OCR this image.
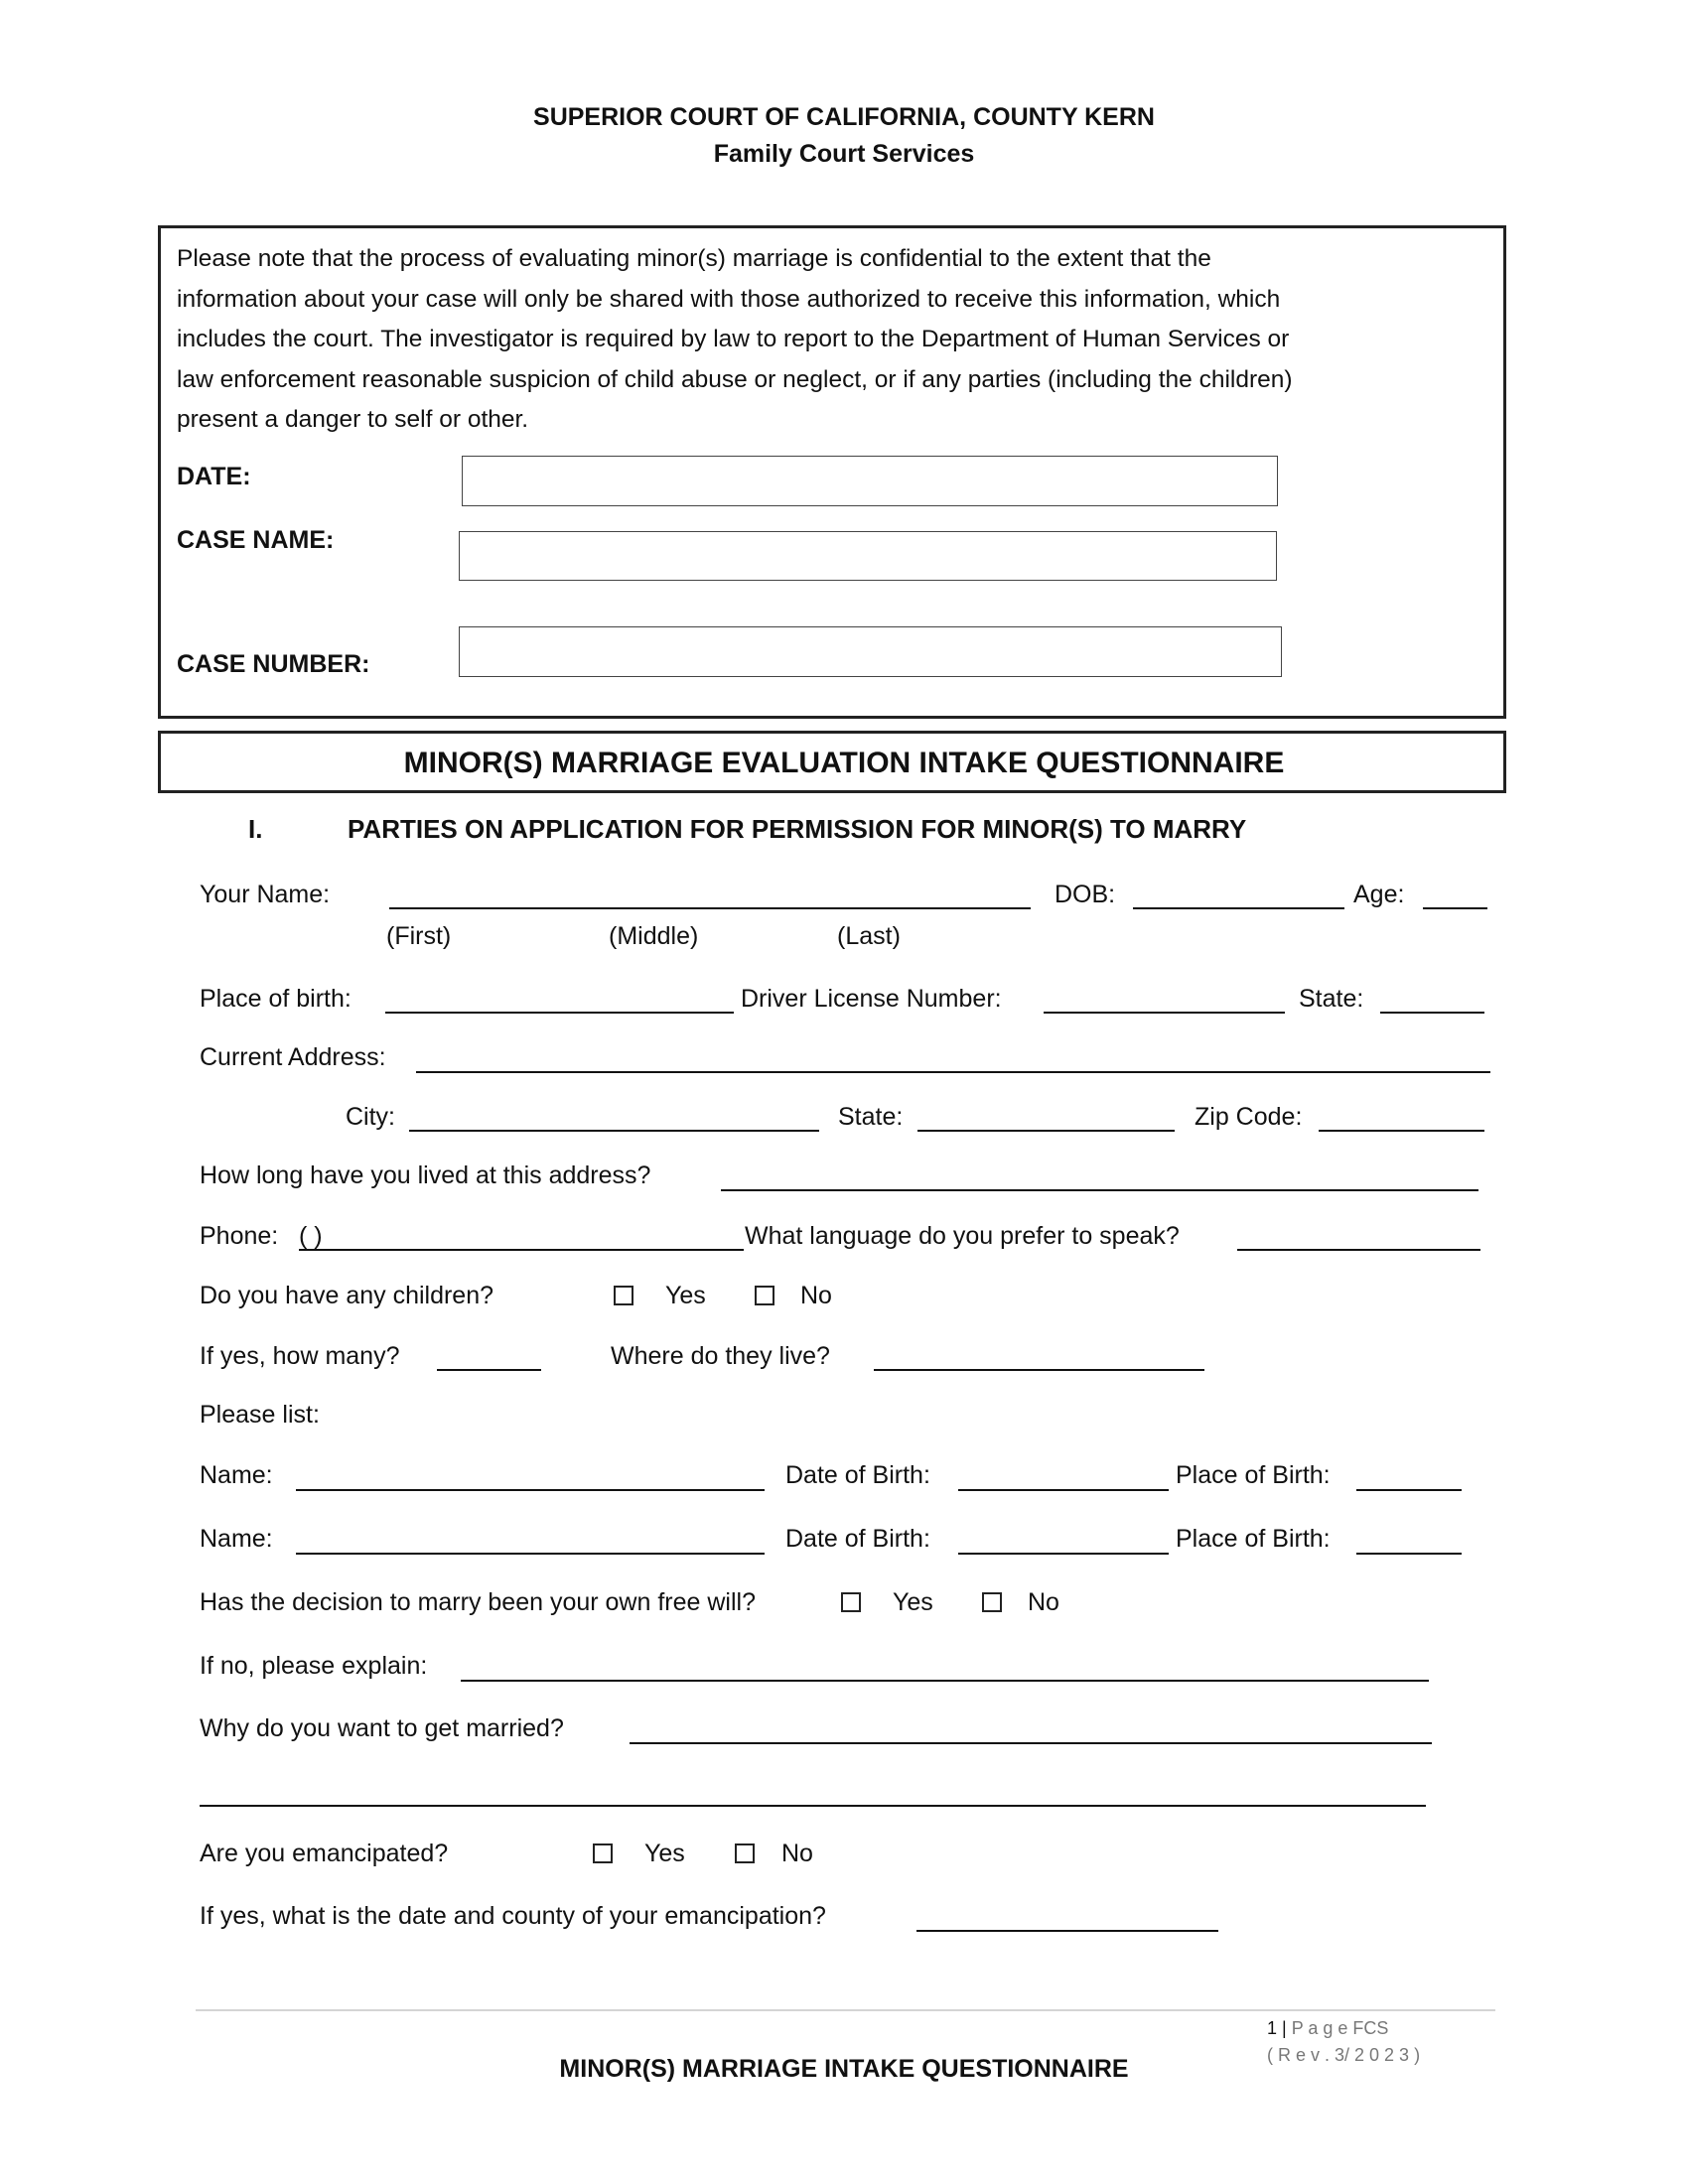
SUPERIOR COURT OF CALIFORNIA, COUNTY KERN
Family Court Services
Please note that the process of evaluating minor(s) marriage is confidential to the extent that the
information about your case will only be shared with those authorized to receive this information, which
includes the court. The investigator is required by law to report to the Department of Human Services or
law enforcement reasonable suspicion of child abuse or neglect, or if any parties (including the children)
present a danger to self or other.
DATE:
CASE NAME:
CASE NUMBER:
MINOR(S) MARRIAGE EVALUATION INTAKE QUESTIONNAIRE
I.	PARTIES ON APPLICATION FOR PERMISSION FOR MINOR(S) TO MARRY
Your Name:	DOB:	Age:
(First)	(Middle)	(Last)
Place of birth:	Driver License Number:	State:
Current Address:
City:	State:	Zip Code:
How long have you lived at this address?
Phone: ( )	What language do you prefer to speak?
Do you have any children?	Yes	No
If yes, how many?	Where do they live?
Please list:
Name:	Date of Birth:	Place of Birth:
Name:	Date of Birth:	Place of Birth:
Has the decision to marry been your own free will?	Yes	No
If no, please explain:
Why do you want to get married?
Are you emancipated?	Yes	No
If yes, what is the date and county of your emancipation?
1 | P a g e FCS
( R e v . 3/ 2 0 2 3 )
MINOR(S) MARRIAGE INTAKE QUESTIONNAIRE
